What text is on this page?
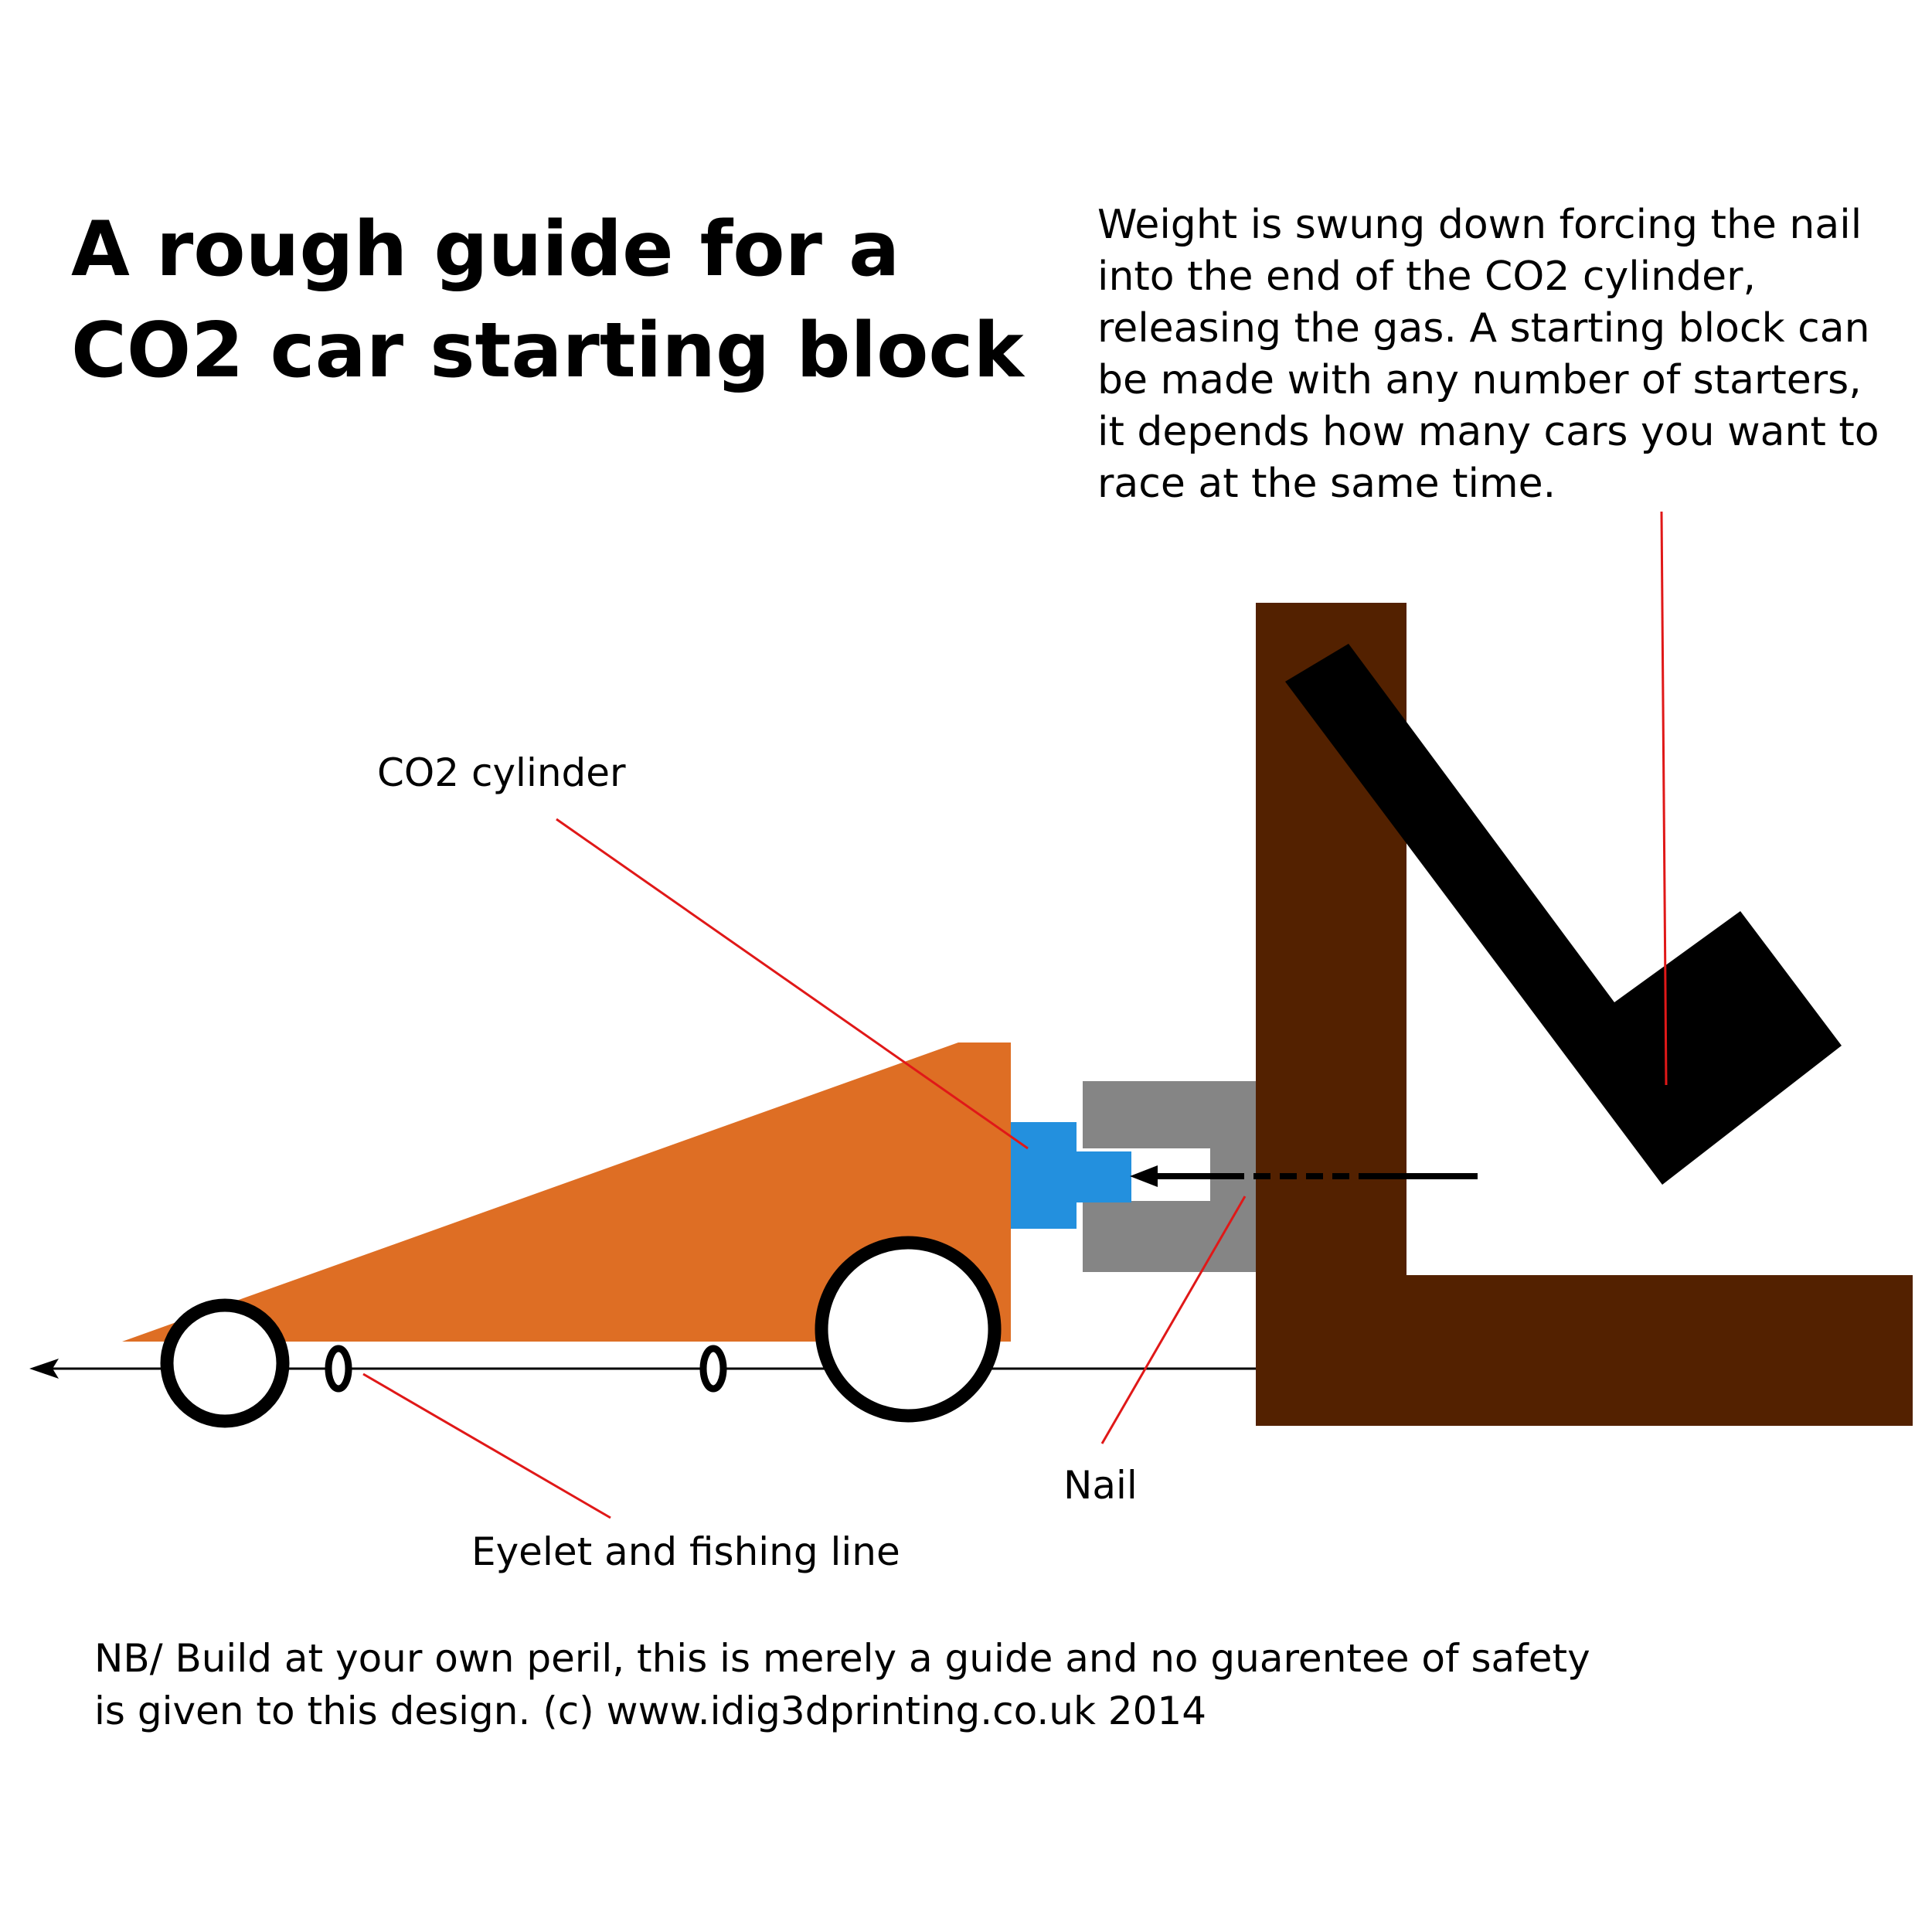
A rough guide for a
CO2 car starting block
Weight is swung down forcing the nail
into the end of the CO2 cylinder,
releasing the gas. A starting block can
be made with any number of starters,
it depends how many cars you want to
race at the same time.
CO2 cylinder
Nail
Eyelet and fishing line
NB/ Build at your own peril, this is merely a guide and no guarentee of safety
is given to this design. (c) www.idig3dprinting.co.uk 2014
